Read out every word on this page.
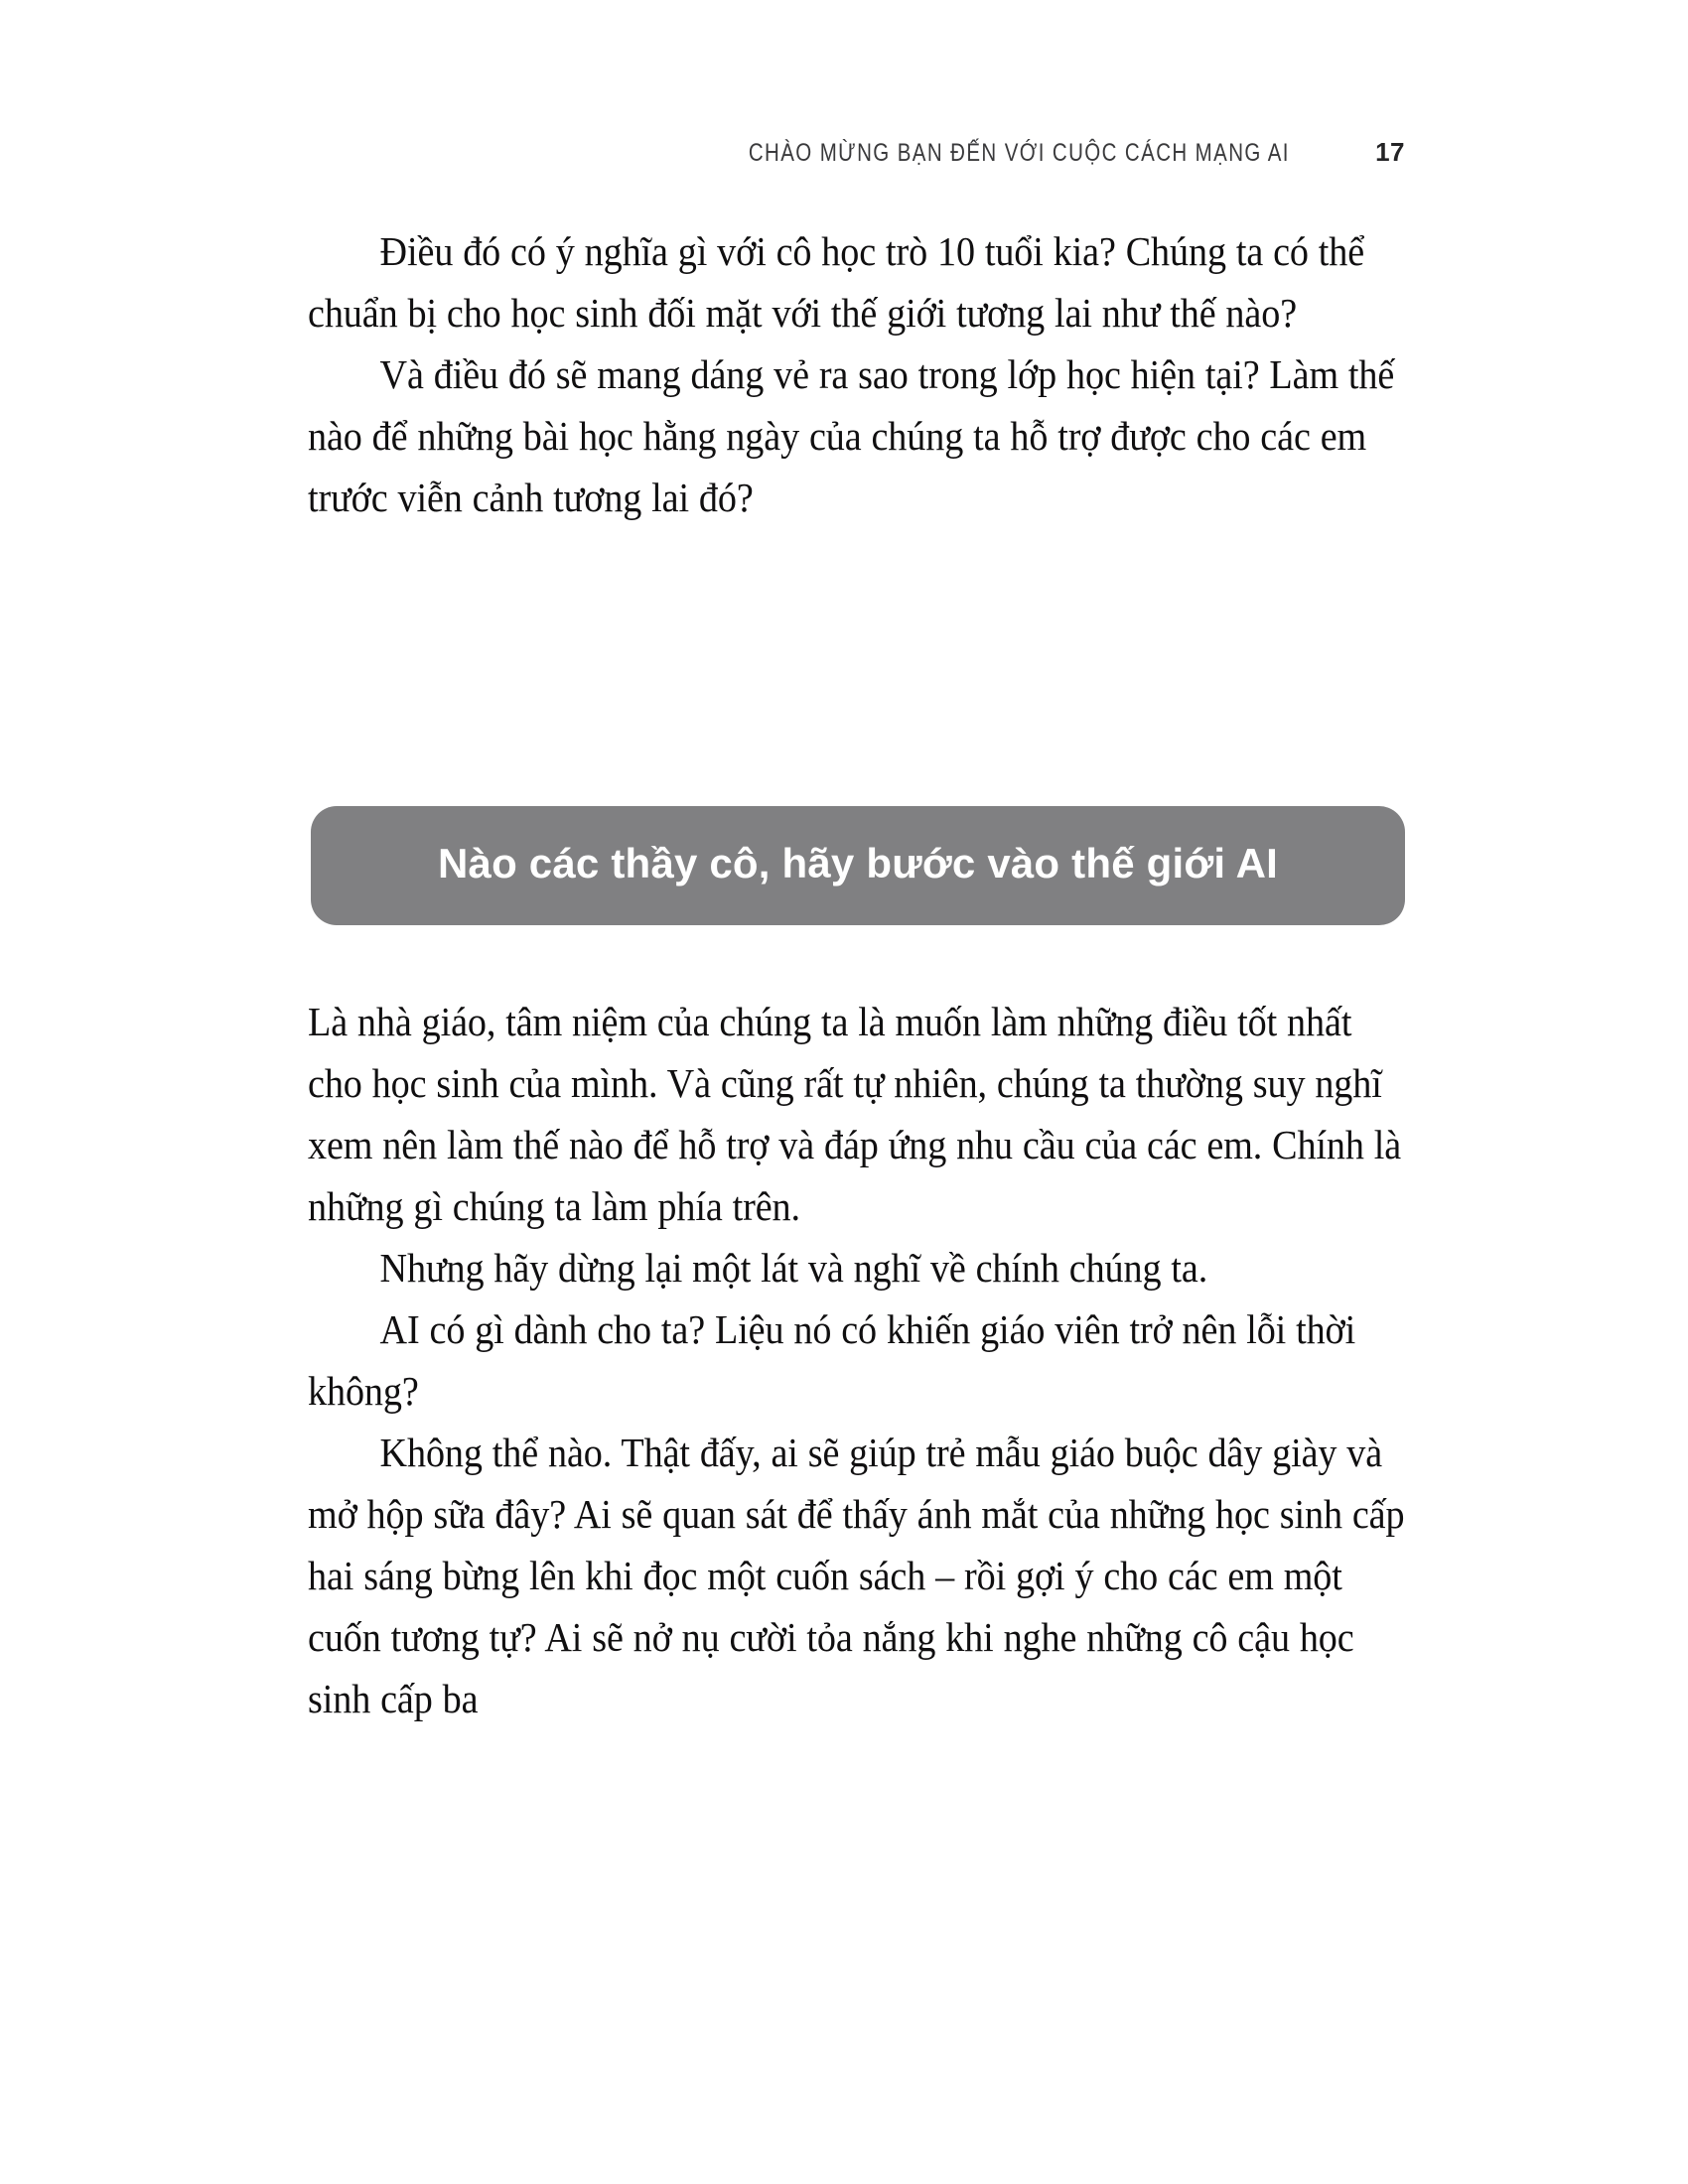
CHÀO MỪNG BẠN ĐẾN VỚI CUỘC CÁCH MẠNG AI	17

Điều đó có ý nghĩa gì với cô học trò 10 tuổi kia? Chúng ta có thể chuẩn bị cho học sinh đối mặt với thế giới tương lai như thế nào?

Và điều đó sẽ mang dáng vẻ ra sao trong lớp học hiện tại? Làm thế nào để những bài học hằng ngày của chúng ta hỗ trợ được cho các em trước viễn cảnh tương lai đó?

Nào các thầy cô, hãy bước vào thế giới AI

Là nhà giáo, tâm niệm của chúng ta là muốn làm những điều tốt nhất cho học sinh của mình. Và cũng rất tự nhiên, chúng ta thường suy nghĩ xem nên làm thế nào để hỗ trợ và đáp ứng nhu cầu của các em. Chính là những gì chúng ta làm phía trên.

Nhưng hãy dừng lại một lát và nghĩ về chính chúng ta.

AI có gì dành cho ta? Liệu nó có khiến giáo viên trở nên lỗi thời không?

Không thể nào. Thật đấy, ai sẽ giúp trẻ mẫu giáo buộc dây giày và mở hộp sữa đây? Ai sẽ quan sát để thấy ánh mắt của những học sinh cấp hai sáng bừng lên khi đọc một cuốn sách – rồi gợi ý cho các em một cuốn tương tự? Ai sẽ nở nụ cười tỏa nắng khi nghe những cô cậu học sinh cấp ba
